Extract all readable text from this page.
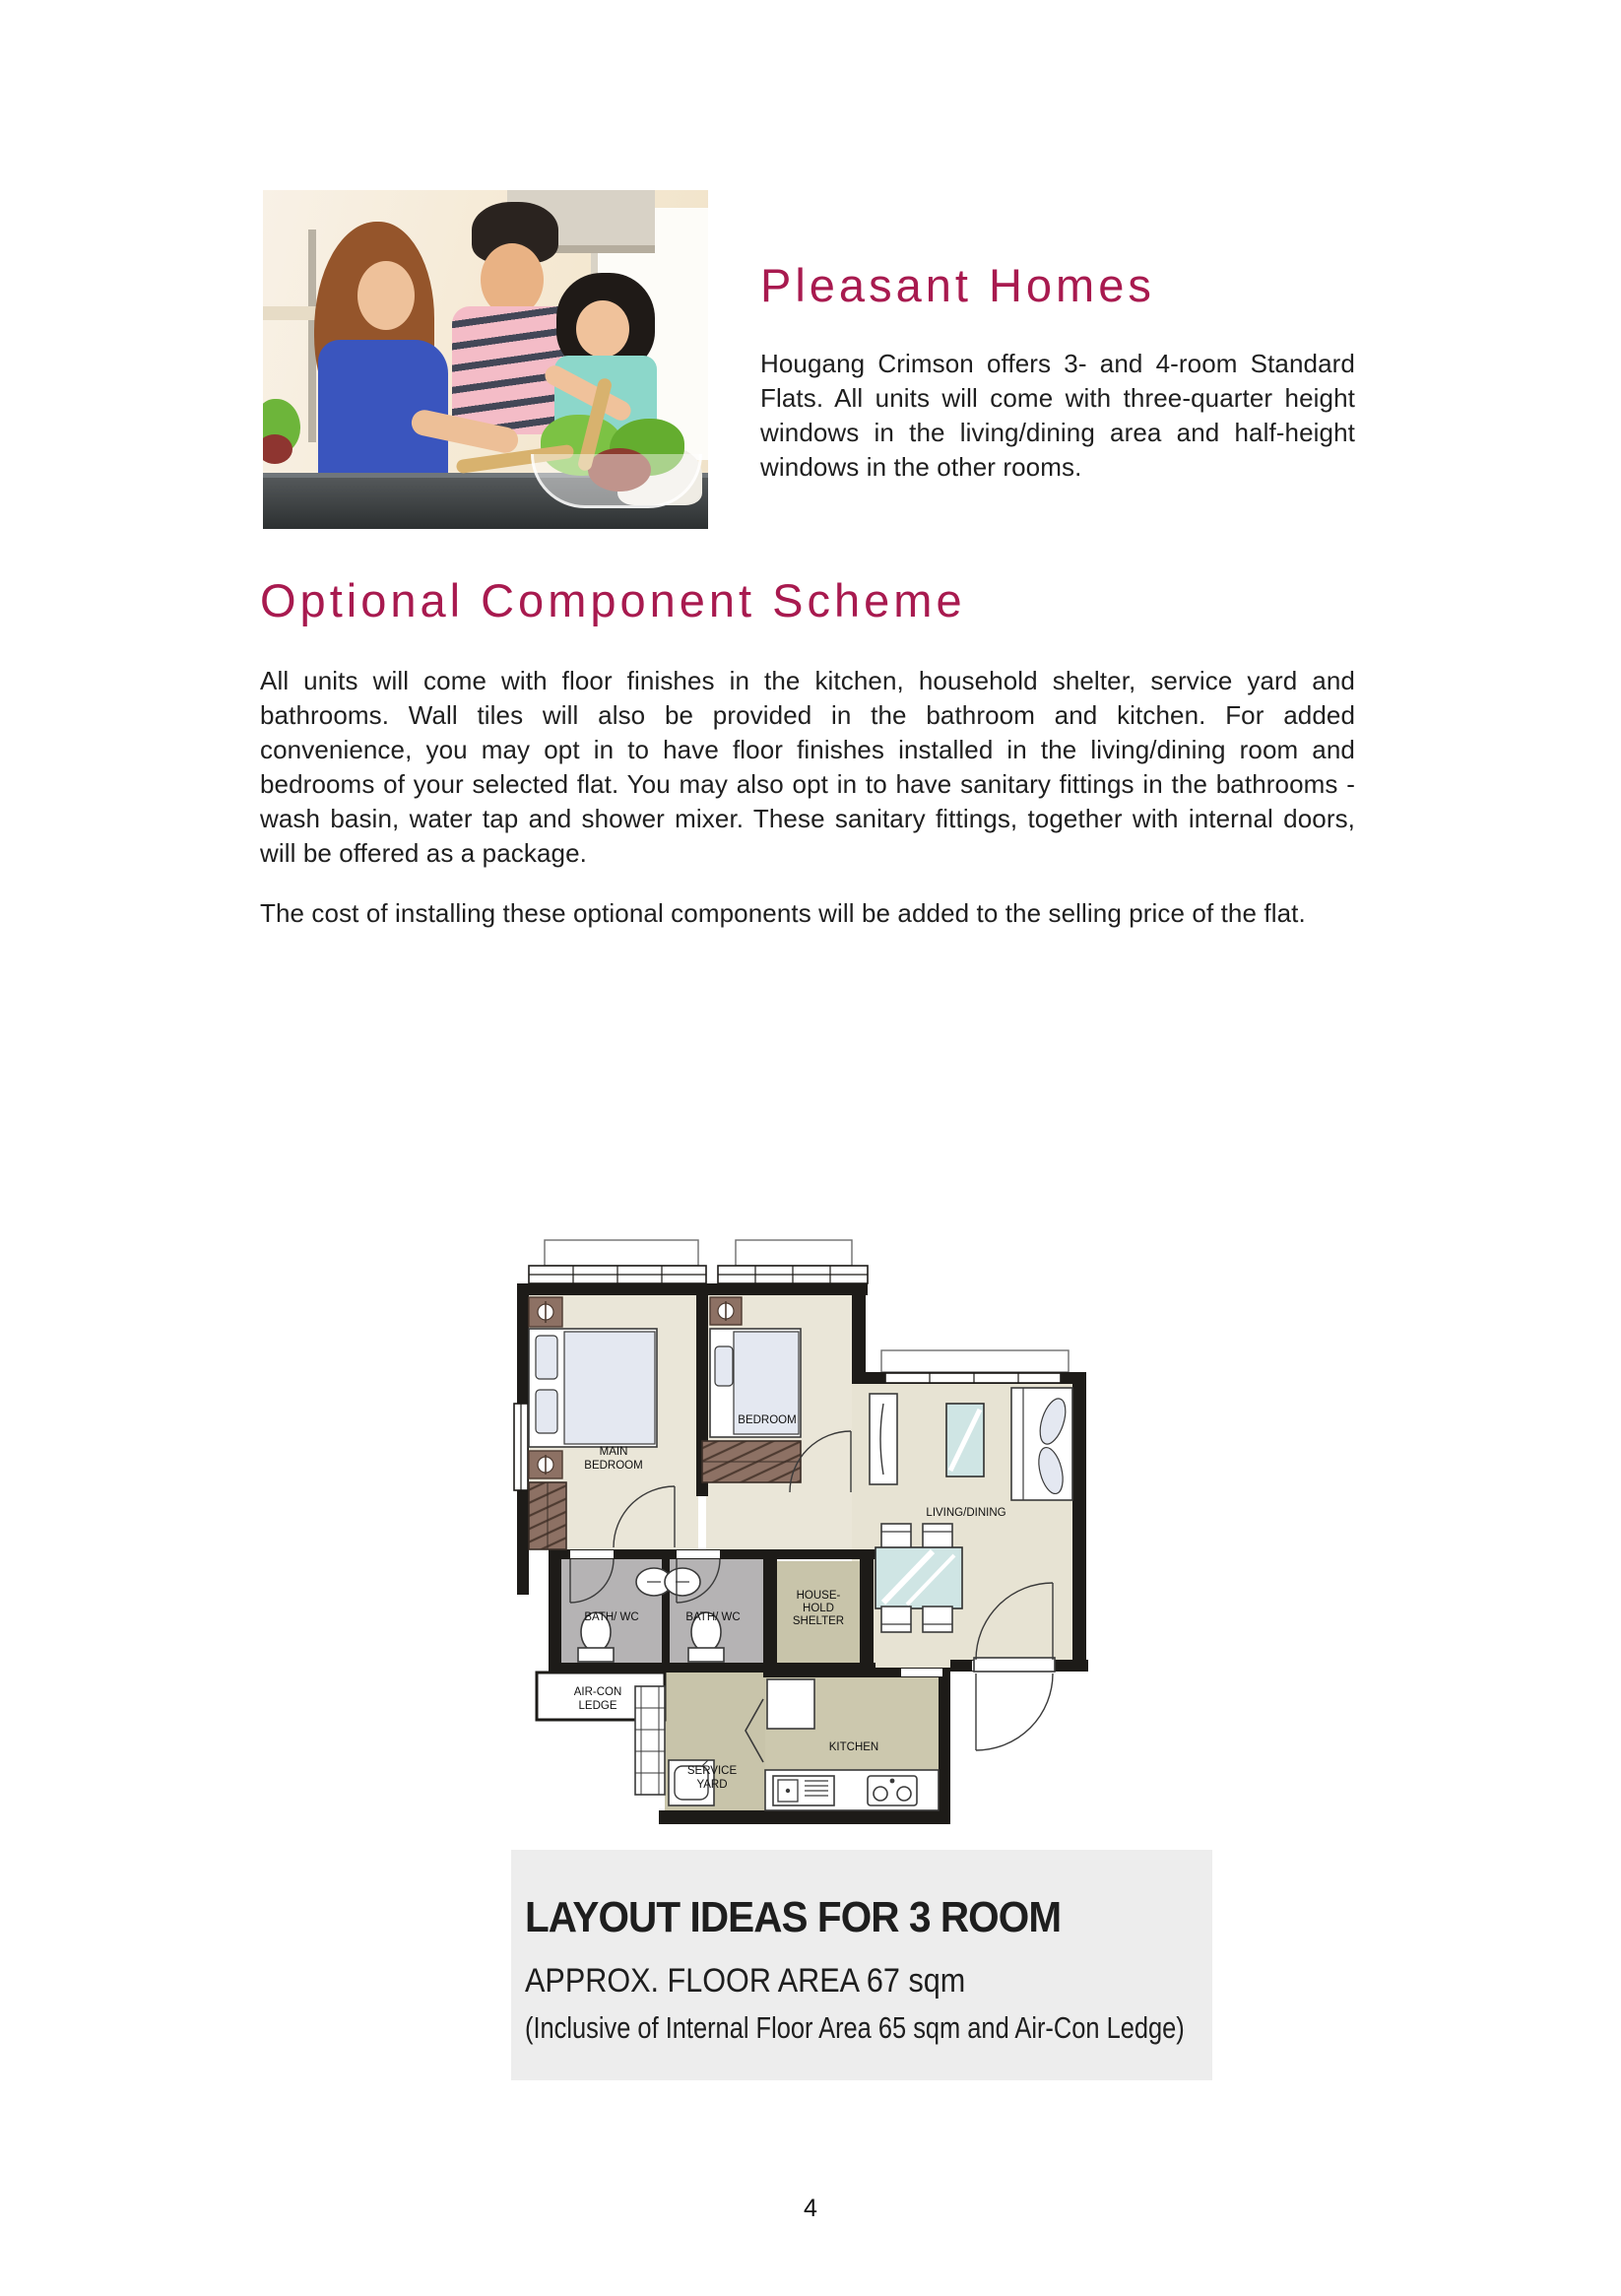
Pleasant Homes
Hougang Crimson offers 3- and 4-room Standard Flats. All units will come with three-quarter height windows in the living/dining area and half-height windows in the other rooms.
Optional Component Scheme
All units will come with floor finishes in the kitchen, household shelter, service yard and bathrooms. Wall tiles will also be provided in the bathroom and kitchen. For added convenience, you may opt in to have floor finishes installed in the living/dining room and bedrooms of your selected flat. You may also opt in to have sanitary fittings in the bathrooms - wash basin, water tap and shower mixer. These sanitary fittings, together with internal doors, will be offered as a package.
The cost of installing these optional components will be added to the selling price of the flat.
MAIN
BEDROOM
BEDROOM
LIVING/DINING
BATH/ WC	BATH/ WC
HOUSE-
HOLD
SHELTER
AIR-CON
LEDGE
SERVICE
YARD
KITCHEN
LAYOUT IDEAS FOR 3 ROOM
APPROX. FLOOR AREA 67 sqm
(Inclusive of Internal Floor Area 65 sqm and Air-Con Ledge)
4
